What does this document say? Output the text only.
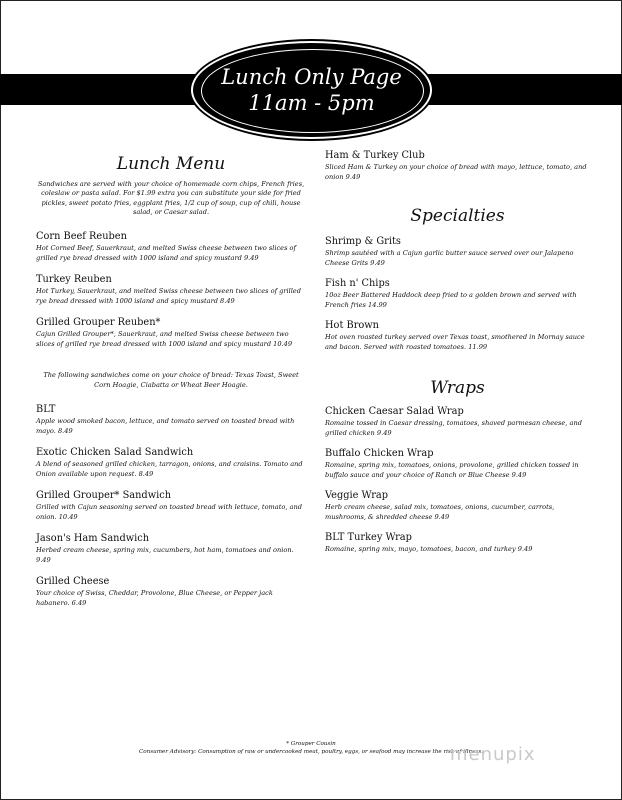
Lunch Only Page
11am - 5pm
Lunch Menu

Sandwiches are served with your choice of homemade corn chips, French fries, coleslaw or pasta salad. For $1.99 extra you can substitute your side for fried pickles, sweet potato fries, eggplant fries, 1/2 cup of soup, cup of chili, house salad, or Caesar salad.

Corn Beef Reuben

Hot Corned Beef, Sauerkraut, and melted Swiss cheese between two slices of grilled rye bread dressed with 1000 island and spicy mustard 9.49

Turkey Reuben

Hot Turkey, Sauerkraut, and melted Swiss cheese between two slices of grilled rye bread dressed with 1000 island and spicy mustard 8.49

Grilled Grouper Reuben*

Cajun Grilled Grouper*, Sauerkraut, and melted Swiss cheese between two slices of grilled rye bread dressed with 1000 island and spicy mustard 10.49

The following sandwiches come on your choice of bread: Texas Toast, Sweet Corn Hoagie, Ciabatta or Wheat Beer Hoagie.

BLT

Apple wood smoked bacon, lettuce, and tomato served on toasted bread with mayo. 8.49

Exotic Chicken Salad Sandwich

A blend of seasoned grilled chicken, tarragon, onions, and craisins. Tomato and Onion available upon request. 8.49

Grilled Grouper* Sandwich

Grilled with Cajun seasoning served on toasted bread with lettuce, tomato, and onion. 10.49

Jason's Ham Sandwich

Herbed cream cheese, spring mix, cucumbers, hot ham, tomatoes and onion. 9.49

Grilled Cheese

Your choice of Swiss, Cheddar, Provolone, Blue Cheese, or Pepper jack habanero. 6.49

Ham & Turkey Club

Sliced Ham & Turkey on your choice of bread with mayo, lettuce, tomato, and onion 9.49

Specialties

Shrimp & Grits

Shrimp sautéed with a Cajun garlic butter sauce served over our Jalapeno Cheese Grits 9.49

Fish n' Chips

10oz Beer Battered Haddock deep fried to a golden brown and served with French fries 14.99

Hot Brown

Hot oven roasted turkey served over Texas toast, smothered in Mornay sauce and bacon. Served with roasted tomatoes. 11.99

Wraps

Chicken Caesar Salad Wrap

Romaine tossed in Caesar dressing, tomatoes, shaved parmesan cheese, and grilled chicken 9.49

Buffalo Chicken Wrap

Romaine, spring mix, tomatoes, onions, provolone, grilled chicken tossed in buffalo sauce and your choice of Ranch or Blue Cheese 9.49

Veggie Wrap

Herb cream cheese, salad mix, tomatoes, onions, cucumber, carrots, mushrooms, & shredded cheese 9.49

BLT Turkey Wrap

Romaine, spring mix, mayo, tomatoes, bacon, and turkey 9.49

* Grouper Cousin
Consumer Advisory: Consumption of raw or undercooked meat, poultry, eggs, or seafood may increase the risk of illness.
menupix
